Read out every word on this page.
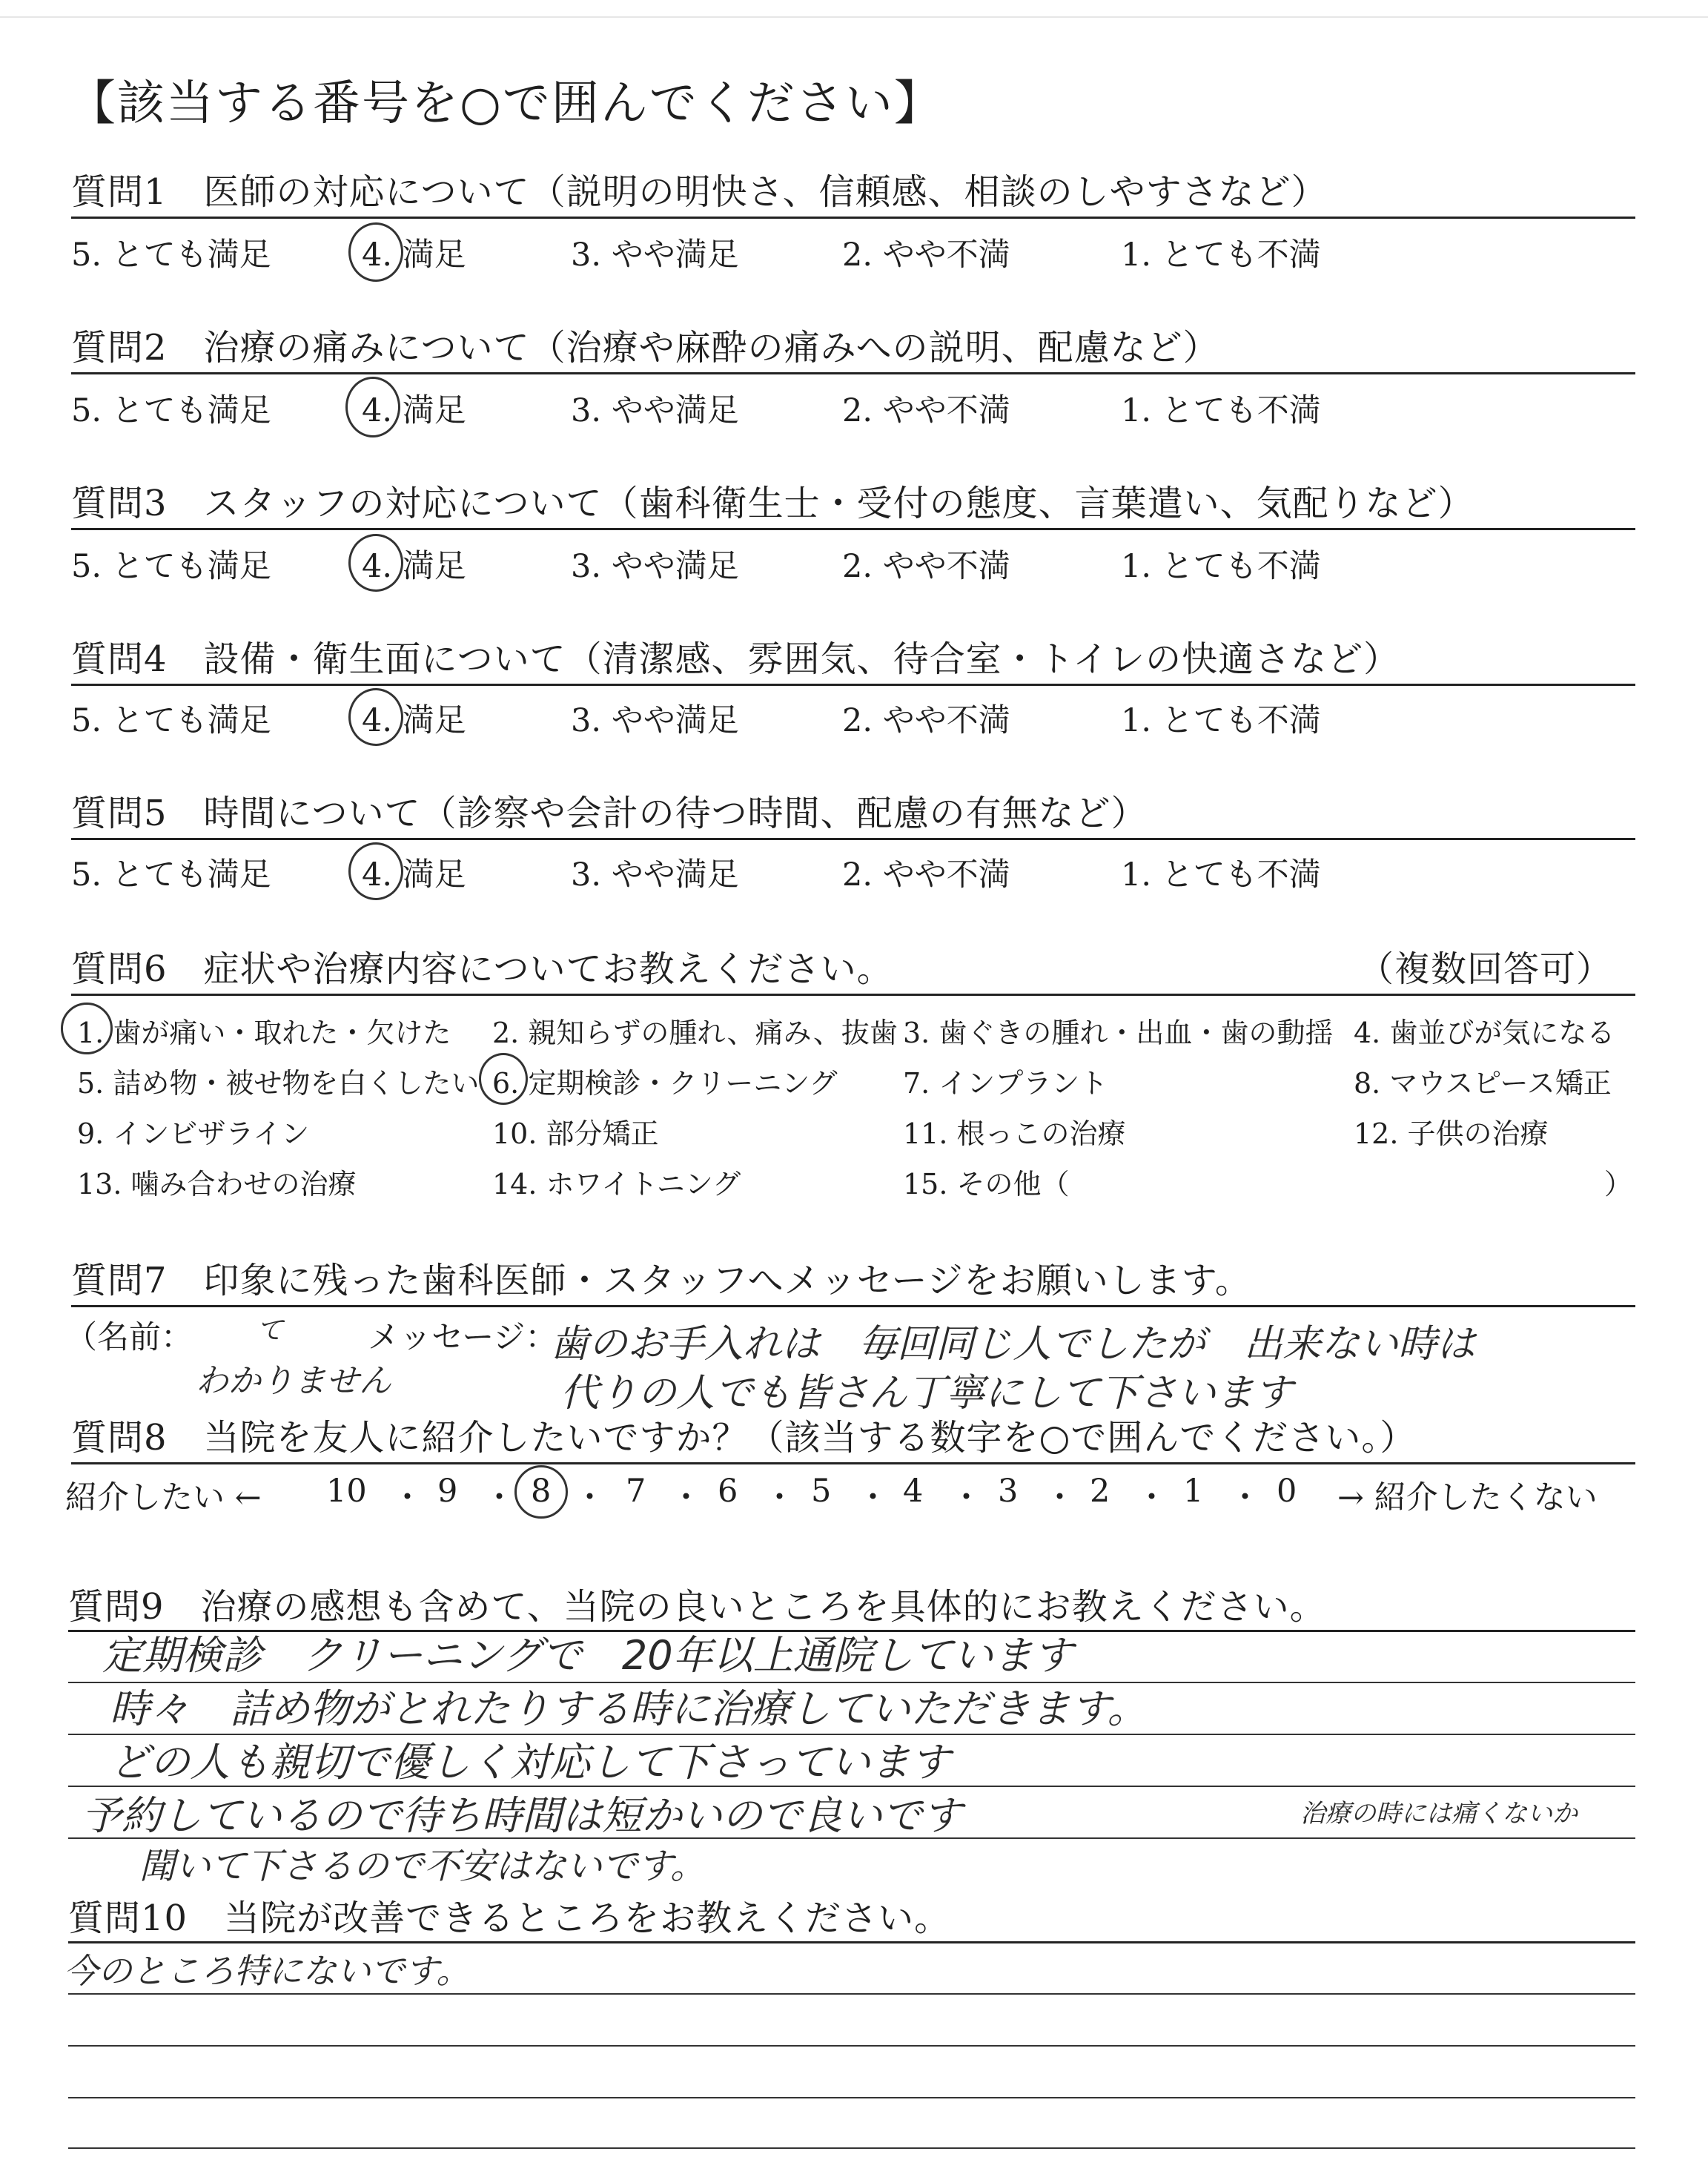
【該当する番号を○で囲んでください】
質問1　医師の対応について（説明の明快さ、信頼感、相談のしやすさなど）
5. とても満足	4. 満足	3. やや満足	2. やや不満	1. とても不満
質問2　治療の痛みについて（治療や麻酔の痛みへの説明、配慮など）
5. とても満足	4. 満足	3. やや満足	2. やや不満	1. とても不満
質問3　スタッフの対応について（歯科衛生士・受付の態度、言葉遣い、気配りなど）
5. とても満足	4. 満足	3. やや満足	2. やや不満	1. とても不満
質問4　設備・衛生面について（清潔感、雰囲気、待合室・トイレの快適さなど）
5. とても満足	4. 満足	3. やや満足	2. やや不満	1. とても不満
質問5　時間について（診察や会計の待つ時間、配慮の有無など）
5. とても満足	4. 満足	3. やや満足	2. やや不満	1. とても不満
質問6　症状や治療内容についてお教えください。	（複数回答可）
1. 歯が痛い・取れた・欠けた 2. 親知らずの腫れ、痛み、抜歯 3. 歯ぐきの腫れ・出血・歯の動揺 4. 歯並びが気になる
5. 詰め物・被せ物を白くしたい 6. 定期検診・クリーニング 7. インプラント	8. マウスピース矯正
9. インビザライン	10. 部分矯正	11. 根っこの治療	12. 子供の治療
13. 噛み合わせの治療	14. ホワイトニング	15. その他（	）
質問7　印象に残った歯科医師・スタッフへメッセージをお願いします。
（名前： て
わかりません
メッセージ：
歯のお手入れは　毎回同じ人でしたが　出来ない時は
代りの人でも皆さん丁寧にして下さいます
質問8　当院を友人に紹介したいですか？（該当する数字を○で囲んでください。）
紹介したい ← 10 ・ 9 ・ 8 ・ 7 ・ 6 ・ 5 ・ 4 ・ 3 ・ 2 ・ 1 ・ 0 → 紹介したくない
質問9　治療の感想も含めて、当院の良いところを具体的にお教えください。
定期検診　クリーニングで　20年以上通院しています
時々　詰め物がとれたりする時に治療していただきます。
どの人も親切で優しく対応して下さっています
予約しているので待ち時間は短かいので良いです	治療の時には痛くないか
聞いて下さるので不安はないです。
質問10　当院が改善できるところをお教えください。
今のところ特にないです。
